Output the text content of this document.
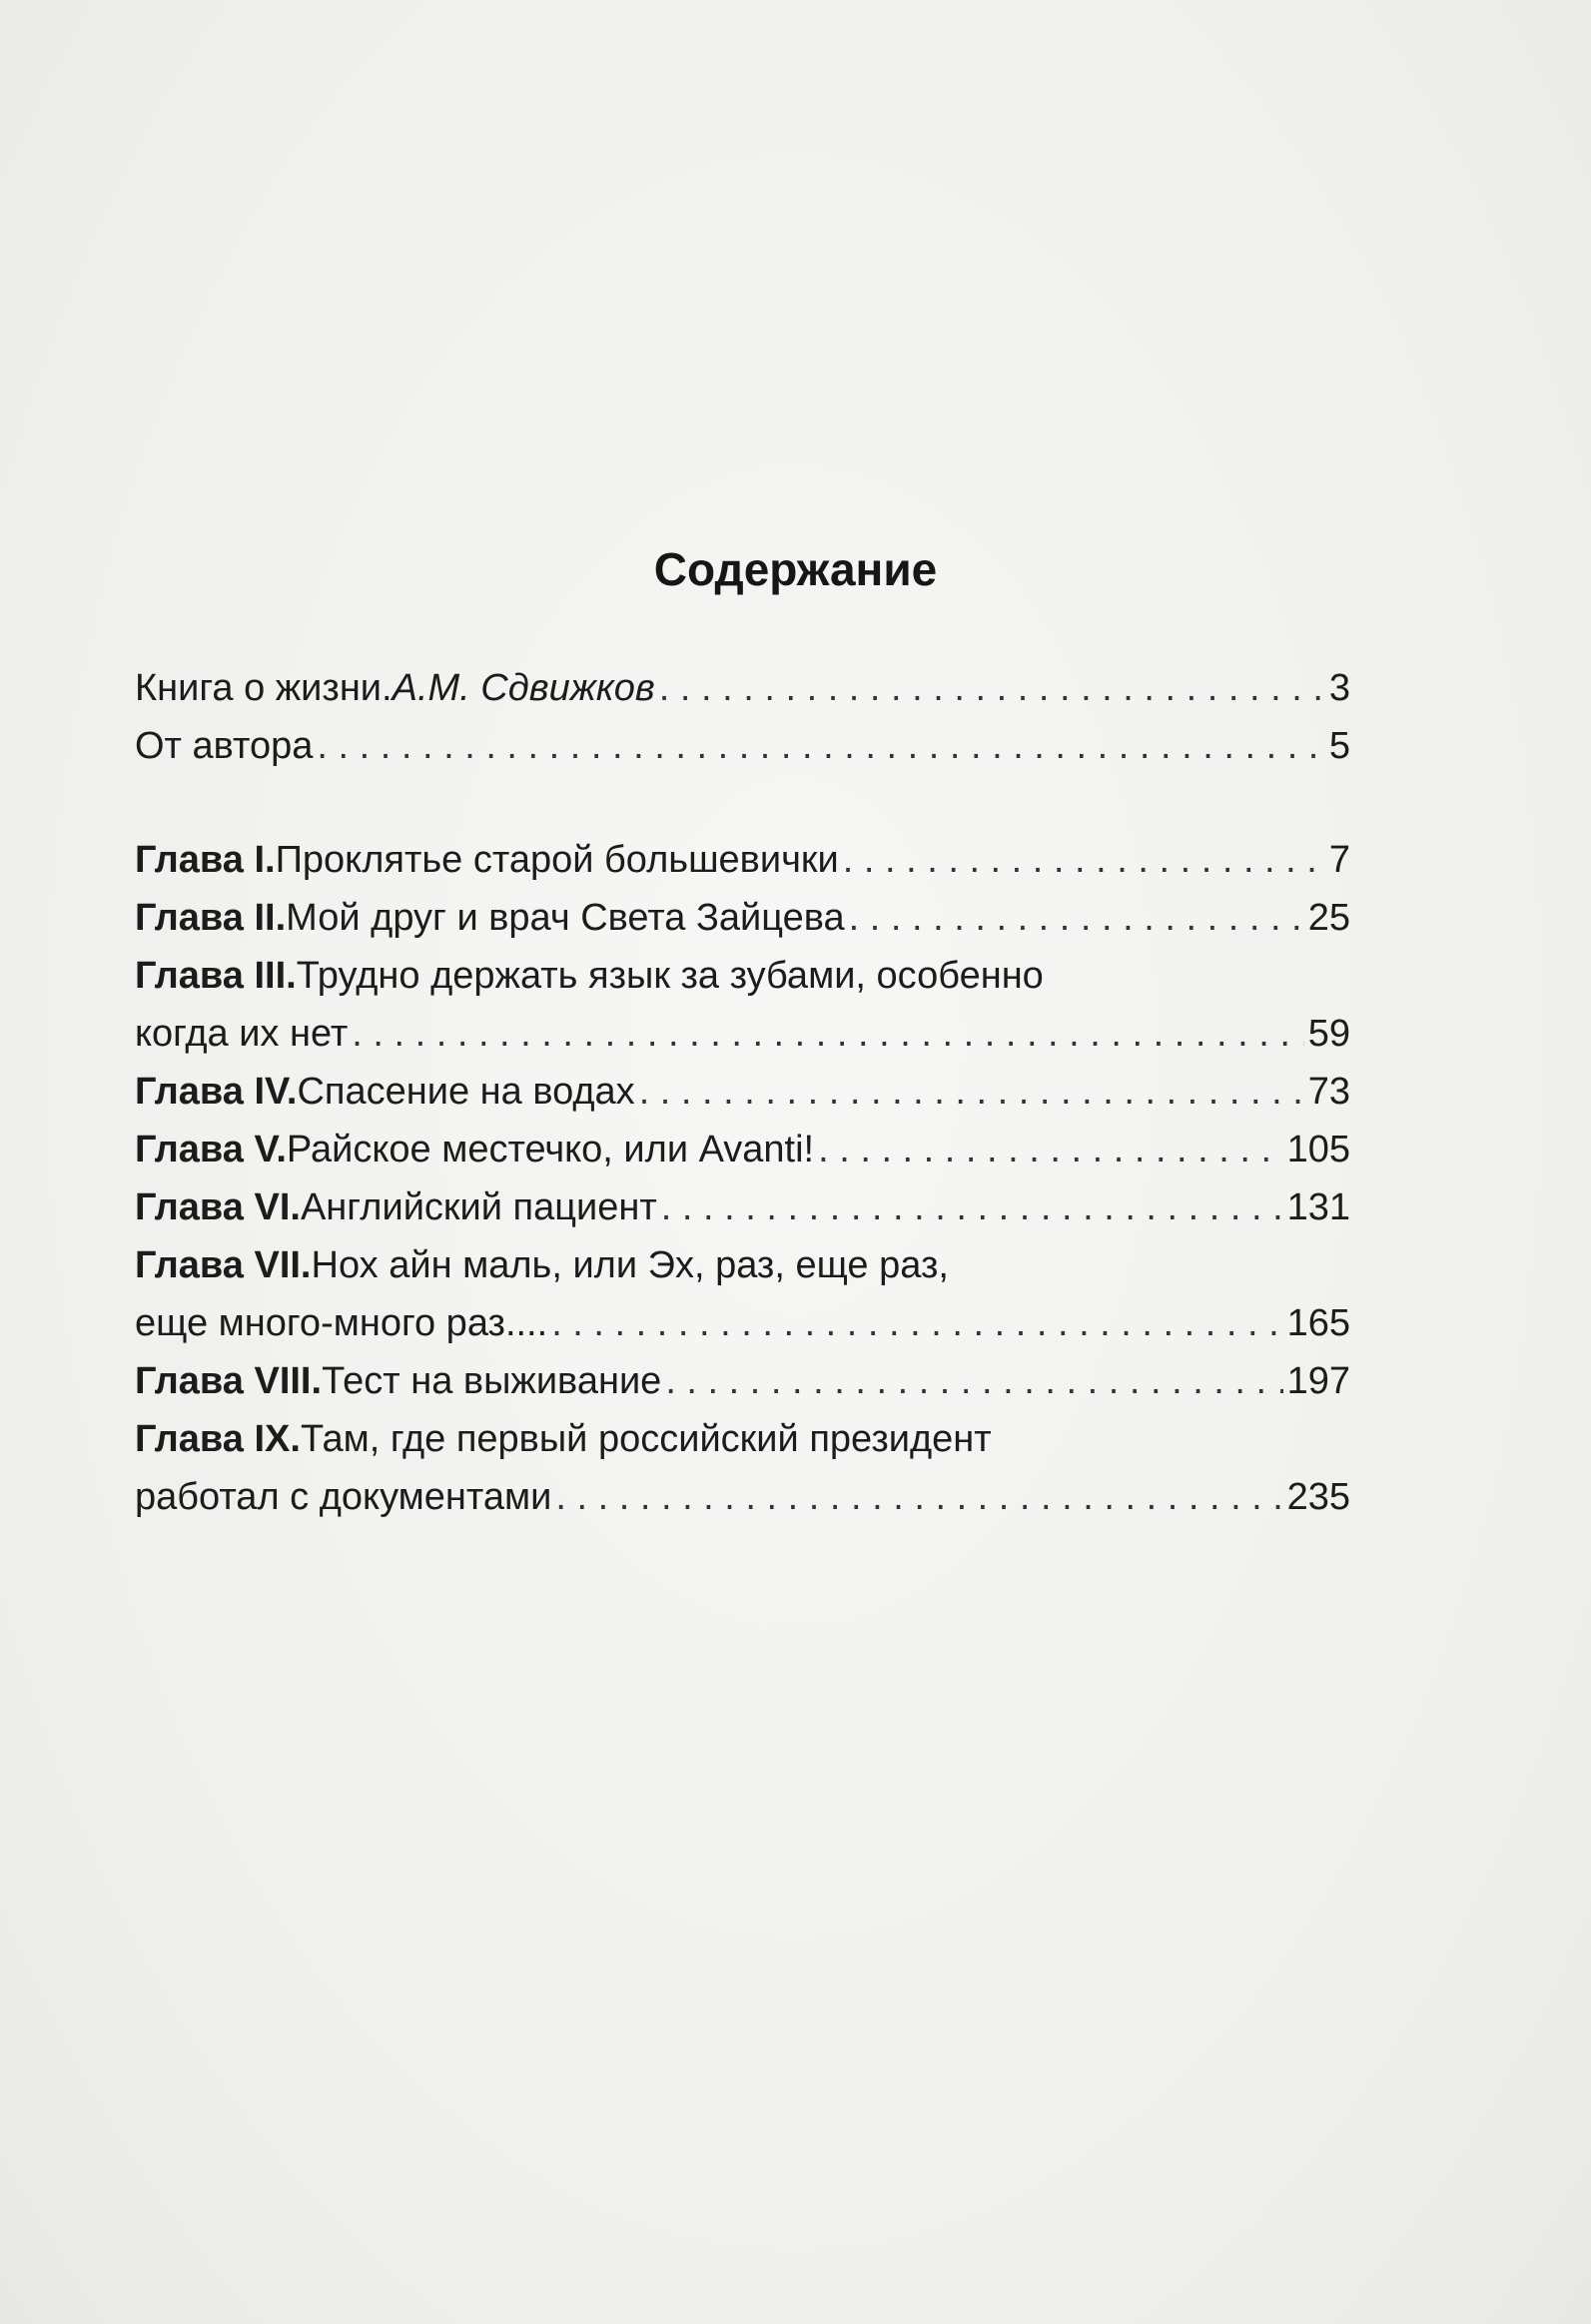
Содержание
Книга о жизни. А.М. Сдвижков . . .	3
От автора . . .	5
Глава I. Проклятье старой большевички . . .	7
Глава II. Мой друг и врач Света Зайцева . . .	25
Глава III. Трудно держать язык за зубами, особенно
когда их нет . . .	59
Глава IV. Спасение на водах . . .	73
Глава V. Райское местечко, или Avanti! . . .	105
Глава VI. Английский пациент . . .	131
Глава VII. Нох айн маль, или Эх, раз, еще раз,
еще много-много раз.... . . .	165
Глава VIII. Тест на выживание . . .	197
Глава IX. Там, где первый российский президент
работал с документами . . .	235
